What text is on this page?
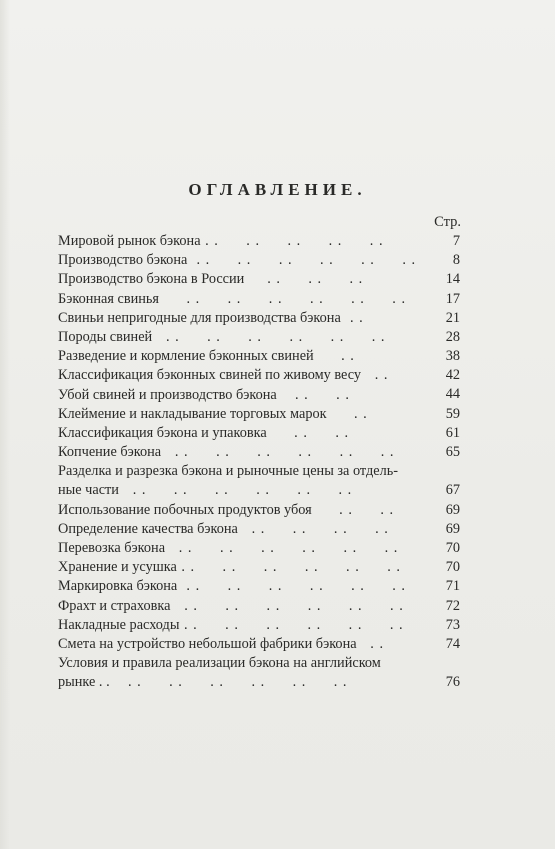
ОГЛАВЛЕНИЕ.
Стр.
Мировой рынок бэкона . .      . .      . .      . .      . .	7
Производство бэкона  . .      . .      . .      . .      . .      . .	8
Производство бэкона в России     . .      . .      . .	14
Бэконная свинья      . .      . .      . .      . .      . .      . .	17
Свиньи непригодные для производства бэкона  . .	21
Породы свиней   . .      . .      . .      . .      . .      . .	28
Разведение и кормление бэконных свиней      . .	38
Классификация бэконных свиней по живому весу   . .	42
Убой свиней и производство бэкона    . .      . .	44
Клеймение и накладывание торговых марок      . .	59
Классификация бэкона и упаковка      . .      . .	61
Копчение бэкона   . .      . .      . .      . .      . .      . .	65
Разделка и разрезка бэкона и рыночные цены за отдель-
ные части   . .      . .      . .      . .      . .      . .	67
Использование побочных продуктов убоя      . .      . .	69
Определение качества бэкона   . .      . .      . .      . .	69
Перевозка бэкона   . .      . .      . .      . .      . .      . .	70
Хранение и усушка . .      . .      . .      . .      . .      . .	70
Маркировка бэкона  . .      . .      . .      . .      . .      . .	71
Фрахт и страховка   . .      . .      . .      . .      . .      . .	72
Накладные расходы . .      . .      . .      . .      . .      . .	73
Смета на устройство небольшой фабрики бэкона   . .	74
Условия и правила реализации бэкона на английском
рынке . .    . .      . .      . .      . .      . .      . .	76
